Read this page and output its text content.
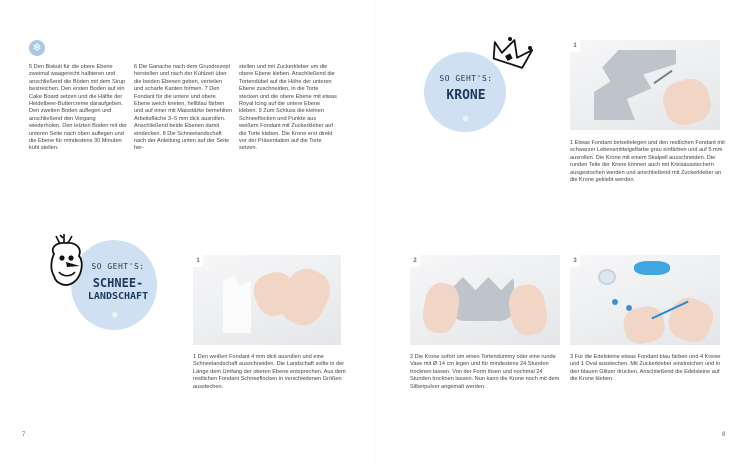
❄
5 Den Biskuit für die obere Ebene zweimal waagerecht halbieren und anschließend die Böden mit dem Sirup bestreichen. Den ersten Boden auf ein Cake Board setzen und die Hälfte der Heidelbeer-Buttercreme daraufgeben. Den zweiten Boden auflegen und anschließend den Vorgang wiederholen. Den letzten Boden mit der unteren Seite nach oben auflegen und die Ebene für mindestens 30 Minuten kühl stellen.
6 Die Ganache nach dem Grundrezept herstellen und nach der Kühlzeit über die beiden Ebenen geben, verteilen und scharfe Kanten formen. 7 Den Fondant für die untere und obere Ebene weich kneten, hellblau färben und auf einer mit Maisstärke bemehlten Arbeitsfläche 3–5 mm dick ausrollen. Anschließend beide Ebenen damit eindecken. 8 Die Schneelandschaft nach der Anleitung unten auf der Seite her-
stellen und mit Zuckerkleber um die obere Ebene kleben. Anschließend die Tortendübel auf die Höhe der unteren Ebene zuschneiden, in die Torte stecken und die obere Ebene mit etwas Royal Icing auf die untere Ebene kleben. 9 Zum Schluss die kleinen Schneeflocken und Punkte aus weißem Fondant mit Zuckerkleber auf die Torte kleben. Die Krone erst direkt vor der Präsentation auf die Torte setzen.
SO GEHT'S:
SCHNEE-
LANDSCHAFT
❄
1
1 Den weißen Fondant 4 mm dick ausrollen und eine Schneelandschaft ausschneiden. Die Landschaft sollte in der Länge dem Umfang der oberen Ebene entsprechen. Aus dem restlichen Fondant Schneeflocken in verschiedenen Größen ausstechen.
7
SO GEHT'S:
KRONE
❄
1
1 Etwas Fondant beiseitelegen und den restlichen Fondant mit schwarzer Lebensmittelgelfarbe grau einfärben und auf 5 mm ausrollen. Die Krone mit einem Skalpell ausschneiden. Die runden Teile der Krone können auch mit Kreisausstechern ausgestochen werden und anschließend mit Zuckerkleber an die Krone geklebt werden.
2
2 Die Krone sofort um einen Tortendummy oder eine runde Vase mit Ø 14 cm legen und für mindestens 24 Stunden trocknen lassen. Von der Form lösen und nochmal 24 Stunden trocknen lassen. Nun kann die Krone noch mit dem Silberpulver angemalt werden.
3
3 Für die Edelsteine etwas Fondant blau färben und 4 Kreise und 1 Oval ausstechen. Mit Zuckerkleber einstreichen und in den blauen Glitzer drücken. Anschließend die Edelsteine auf die Krone kleben.
8
